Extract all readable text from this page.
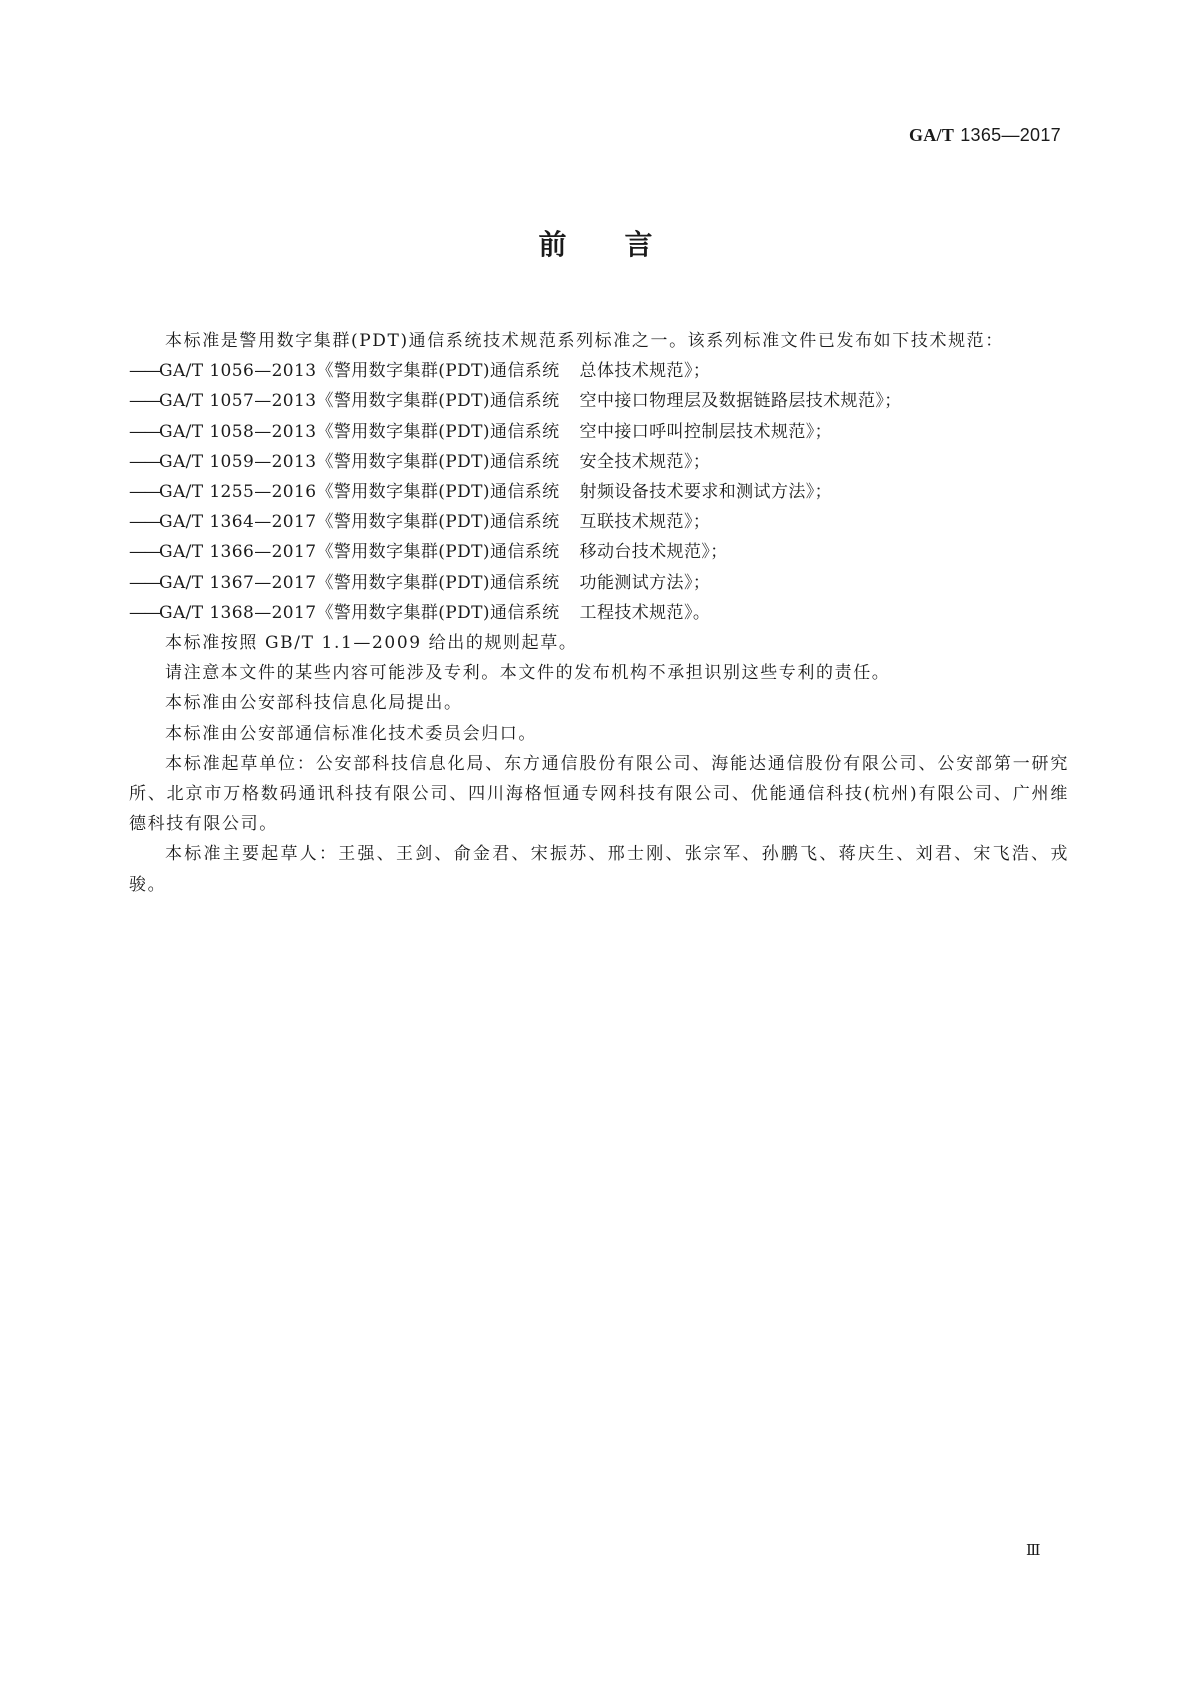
GA/T 1365—2017
前言

本标准是警用数字集群(PDT)通信系统技术规范系列标准之一。该系列标准文件已发布如下技术规范：

——GA/T 1056—2013《警用数字集群(PDT)通信系统 总体技术规范》；

——GA/T 1057—2013《警用数字集群(PDT)通信系统 空中接口物理层及数据链路层技术规范》；

——GA/T 1058—2013《警用数字集群(PDT)通信系统 空中接口呼叫控制层技术规范》；

——GA/T 1059—2013《警用数字集群(PDT)通信系统 安全技术规范》；

——GA/T 1255—2016《警用数字集群(PDT)通信系统 射频设备技术要求和测试方法》；

——GA/T 1364—2017《警用数字集群(PDT)通信系统 互联技术规范》；

——GA/T 1366—2017《警用数字集群(PDT)通信系统 移动台技术规范》；

——GA/T 1367—2017《警用数字集群(PDT)通信系统 功能测试方法》；

——GA/T 1368—2017《警用数字集群(PDT)通信系统 工程技术规范》。

本标准按照 GB/T 1.1—2009 给出的规则起草。

请注意本文件的某些内容可能涉及专利。本文件的发布机构不承担识别这些专利的责任。

本标准由公安部科技信息化局提出。

本标准由公安部通信标准化技术委员会归口。

本标准起草单位：公安部科技信息化局、东方通信股份有限公司、海能达通信股份有限公司、公安部第一研究所、北京市万格数码通讯科技有限公司、四川海格恒通专网科技有限公司、优能通信科技(杭州)有限公司、广州维德科技有限公司。

本标准主要起草人：王强、王剑、俞金君、宋振苏、邢士刚、张宗军、孙鹏飞、蒋庆生、刘君、宋飞浩、戎骏。

Ⅲ
